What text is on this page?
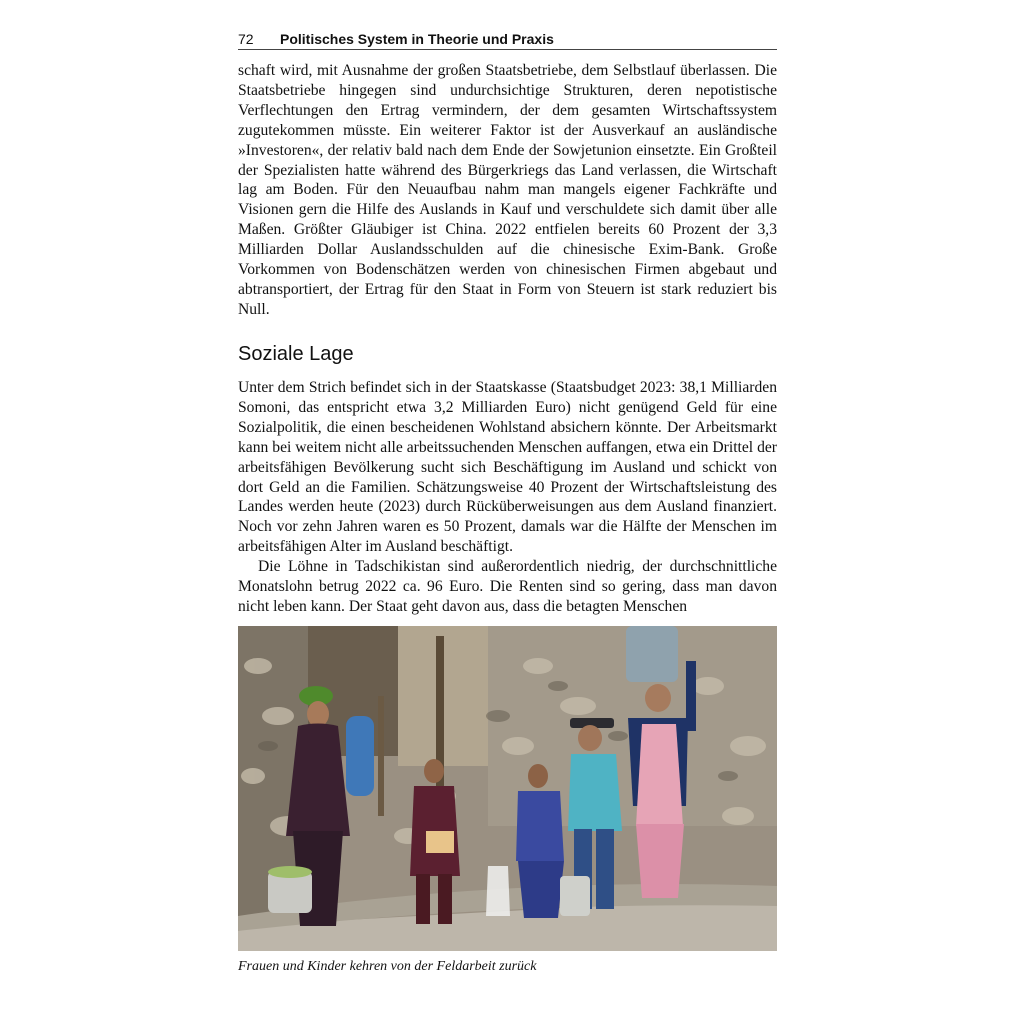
72 Politisches System in Theorie und Praxis

schaft wird, mit Ausnahme der großen Staatsbetriebe, dem Selbstlauf überlassen. Die Staatsbetriebe hingegen sind undurchsichtige Strukturen, deren nepotistische Verflechtungen den Ertrag vermindern, der dem gesamten Wirtschaftssystem zugutekommen müsste. Ein weiterer Faktor ist der Ausverkauf an ausländische »Investoren«, der relativ bald nach dem Ende der Sowjetunion einsetzte. Ein Großteil der Spezialisten hatte während des Bürgerkriegs das Land verlassen, die Wirtschaft lag am Boden. Für den Neuaufbau nahm man mangels eigener Fachkräfte und Visionen gern die Hilfe des Auslands in Kauf und verschuldete sich damit über alle Maßen. Größter Gläubiger ist China. 2022 entfielen bereits 60 Prozent der 3,3 Milliarden Dollar Auslandsschulden auf die chinesische Exim-Bank. Große Vorkommen von Bodenschätzen werden von chinesischen Firmen abgebaut und abtransportiert, der Ertrag für den Staat in Form von Steuern ist stark reduziert bis Null.

Soziale Lage

Unter dem Strich befindet sich in der Staatskasse (Staatsbudget 2023: 38,1 Milliarden Somoni, das entspricht etwa 3,2 Milliarden Euro) nicht genügend Geld für eine Sozialpolitik, die einen bescheidenen Wohlstand absichern könnte. Der Arbeitsmarkt kann bei weitem nicht alle arbeitssuchenden Menschen auffangen, etwa ein Drittel der arbeitsfähigen Bevölkerung sucht sich Beschäftigung im Ausland und schickt von dort Geld an die Familien. Schätzungsweise 40 Prozent der Wirtschaftsleistung des Landes werden heute (2023) durch Rücküberweisungen aus dem Ausland finanziert. Noch vor zehn Jahren waren es 50 Prozent, damals war die Hälfte der Menschen im arbeitsfähigen Alter im Ausland beschäftigt.

Die Löhne in Tadschikistan sind außerordentlich niedrig, der durchschnittliche Monatslohn betrug 2022 ca. 96 Euro. Die Renten sind so gering, dass man davon nicht leben kann. Der Staat geht davon aus, dass die betagten Menschen

Frauen und Kinder kehren von der Feldarbeit zurück
